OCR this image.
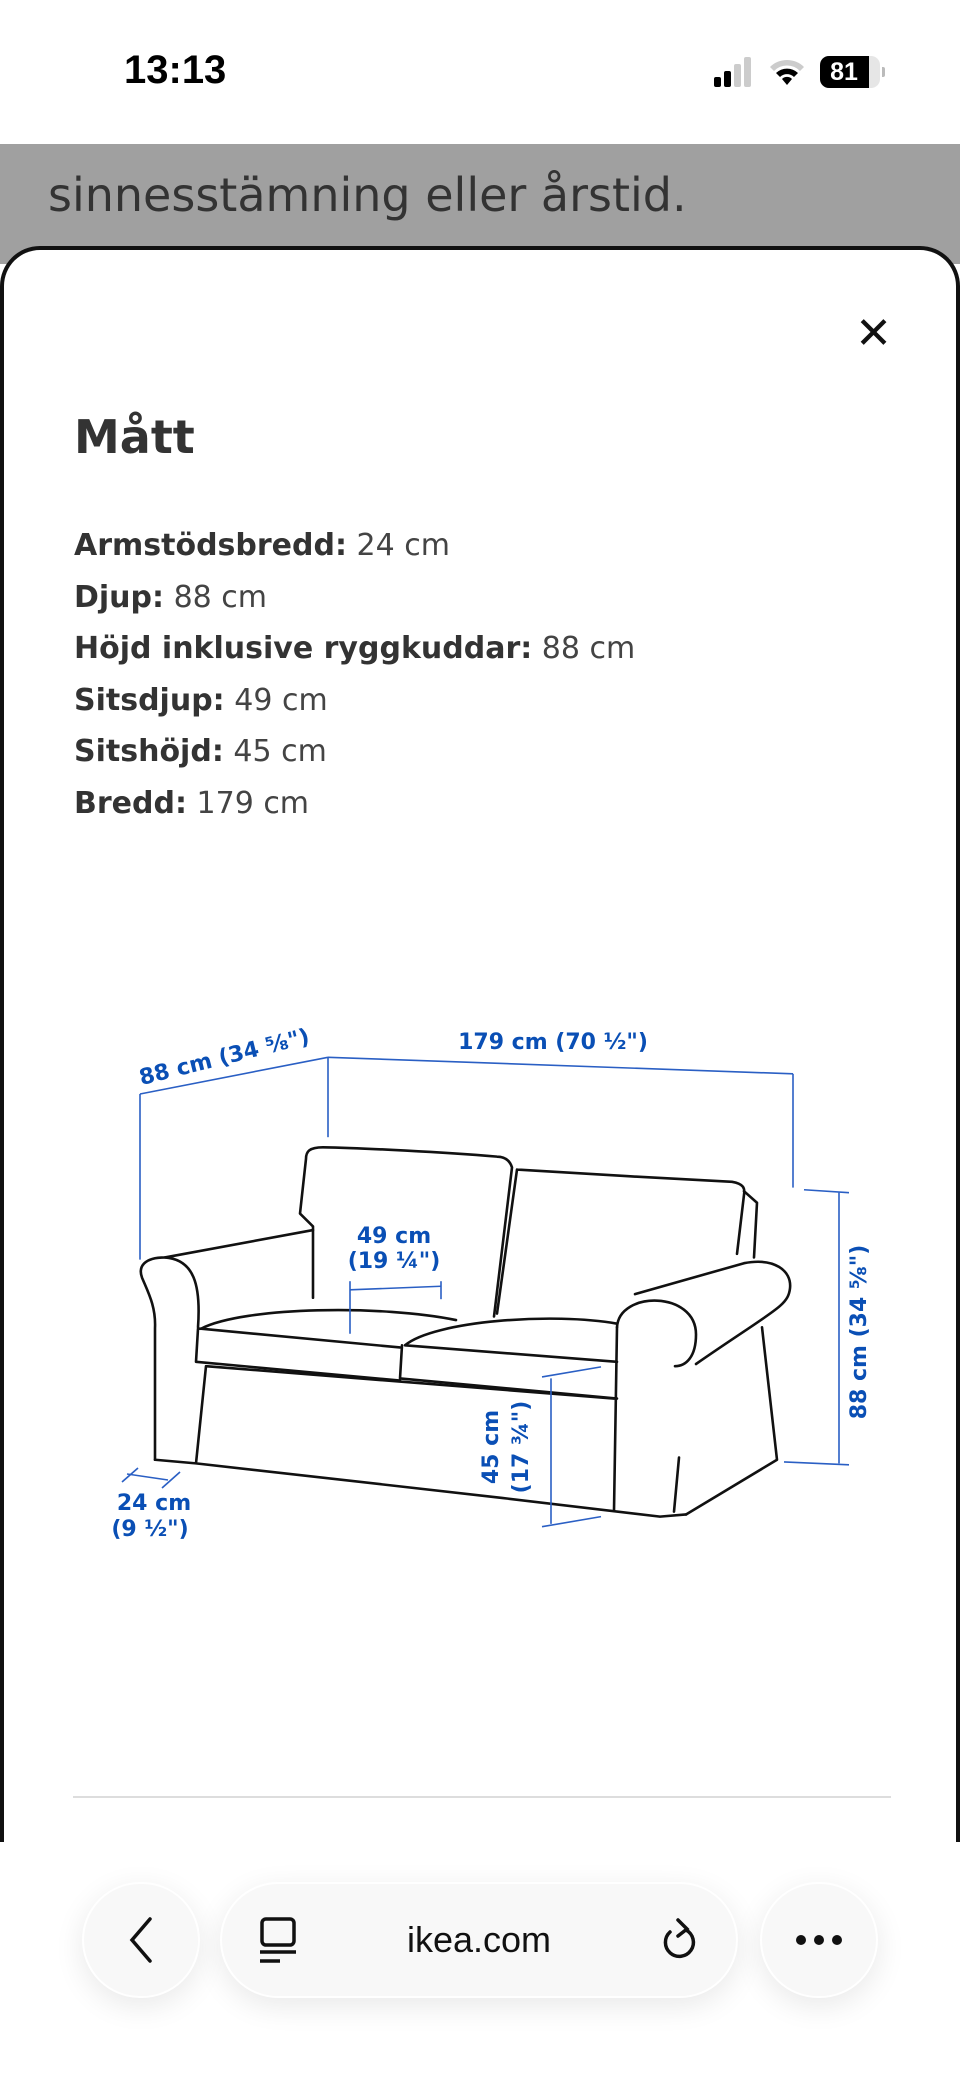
13:13	81
sinnesstämning eller årstid.
✕
Mått
Armstödsbredd: 24 cm
Djup: 88 cm
Höjd inklusive ryggkuddar: 88 cm
Sitsdjup: 49 cm
Sitshöjd: 45 cm
Bredd: 179 cm
88 cm (34 ⅝")	179 cm (70 ½")
88 cm (34 ⅝")
49 cm
(19 ¼")
45 cm (17 ¾")
24 cm
(9 ½")
ikea.com
